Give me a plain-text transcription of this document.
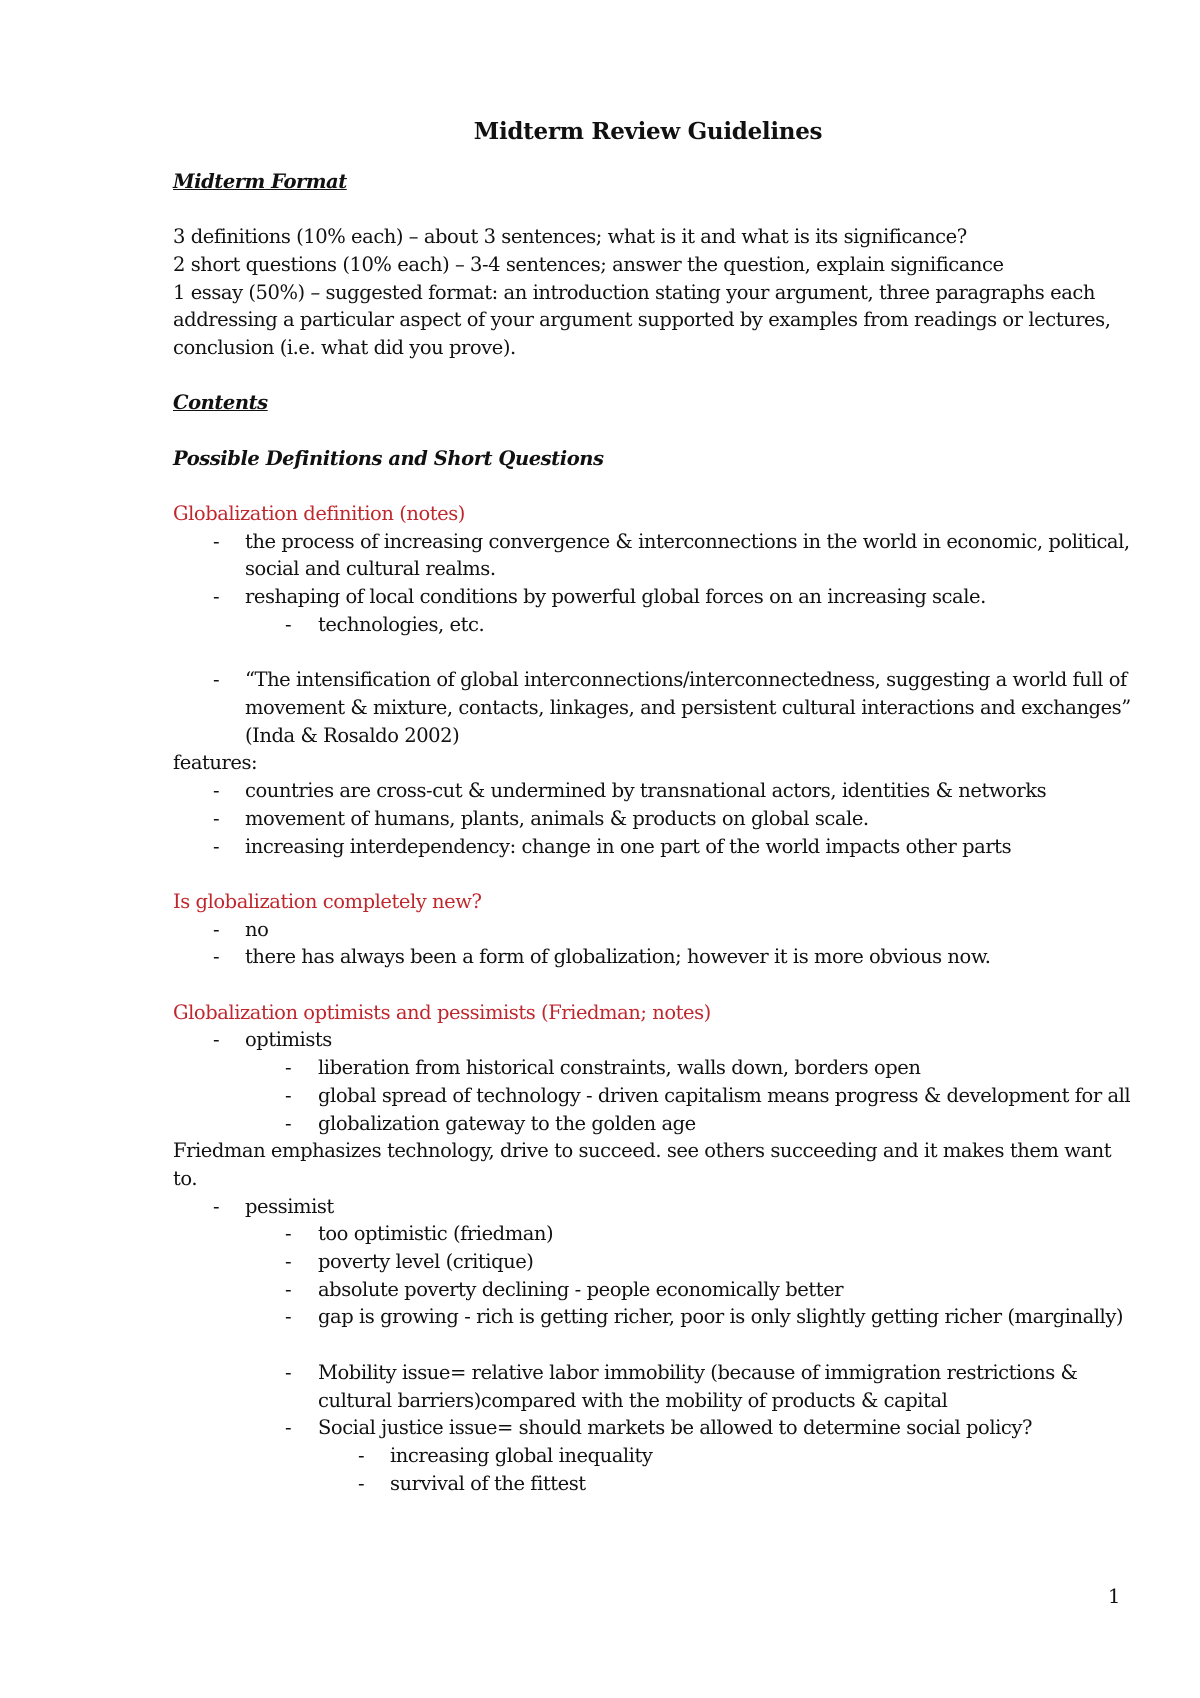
Midterm Review Guidelines

Midterm Format

3 definitions (10% each) – about 3 sentences; what is it and what is its significance?

2 short questions (10% each) – 3-4 sentences; answer the question, explain significance

1 essay (50%) – suggested format: an introduction stating your argument, three paragraphs each addressing a particular aspect of your argument supported by examples from readings or lectures, conclusion (i.e. what did you prove).

Contents

Possible Definitions and Short Questions

Globalization definition (notes)

- the process of increasing convergence & interconnections in the world in economic, political, social and cultural realms.
- reshaping of local conditions by powerful global forces on an increasing scale.
- technologies, etc.
- “The intensification of global interconnections/interconnectedness, suggesting a world full of movement & mixture, contacts, linkages, and persistent cultural interactions and exchanges” (Inda & Rosaldo 2002)

features:

- countries are cross-cut & undermined by transnational actors, identities & networks
- movement of humans, plants, animals & products on global scale.
- increasing interdependency: change in one part of the world impacts other parts

Is globalization completely new?

- no
- there has always been a form of globalization; however it is more obvious now.

Globalization optimists and pessimists (Friedman; notes)

- optimists
- liberation from historical constraints, walls down, borders open
- global spread of technology - driven capitalism means progress & development for all
- globalization gateway to the golden age

Friedman emphasizes technology, drive to succeed. see others succeeding and it makes them want to.

- pessimist
- too optimistic (friedman)
- poverty level (critique)
- absolute poverty declining - people economically better
- gap is growing - rich is getting richer, poor is only slightly getting richer (marginally)
- Mobility issue= relative labor immobility (because of immigration restrictions & cultural barriers)compared with the mobility of products & capital
- Social justice issue= should markets be allowed to determine social policy?
- increasing global inequality
- survival of the fittest
1
